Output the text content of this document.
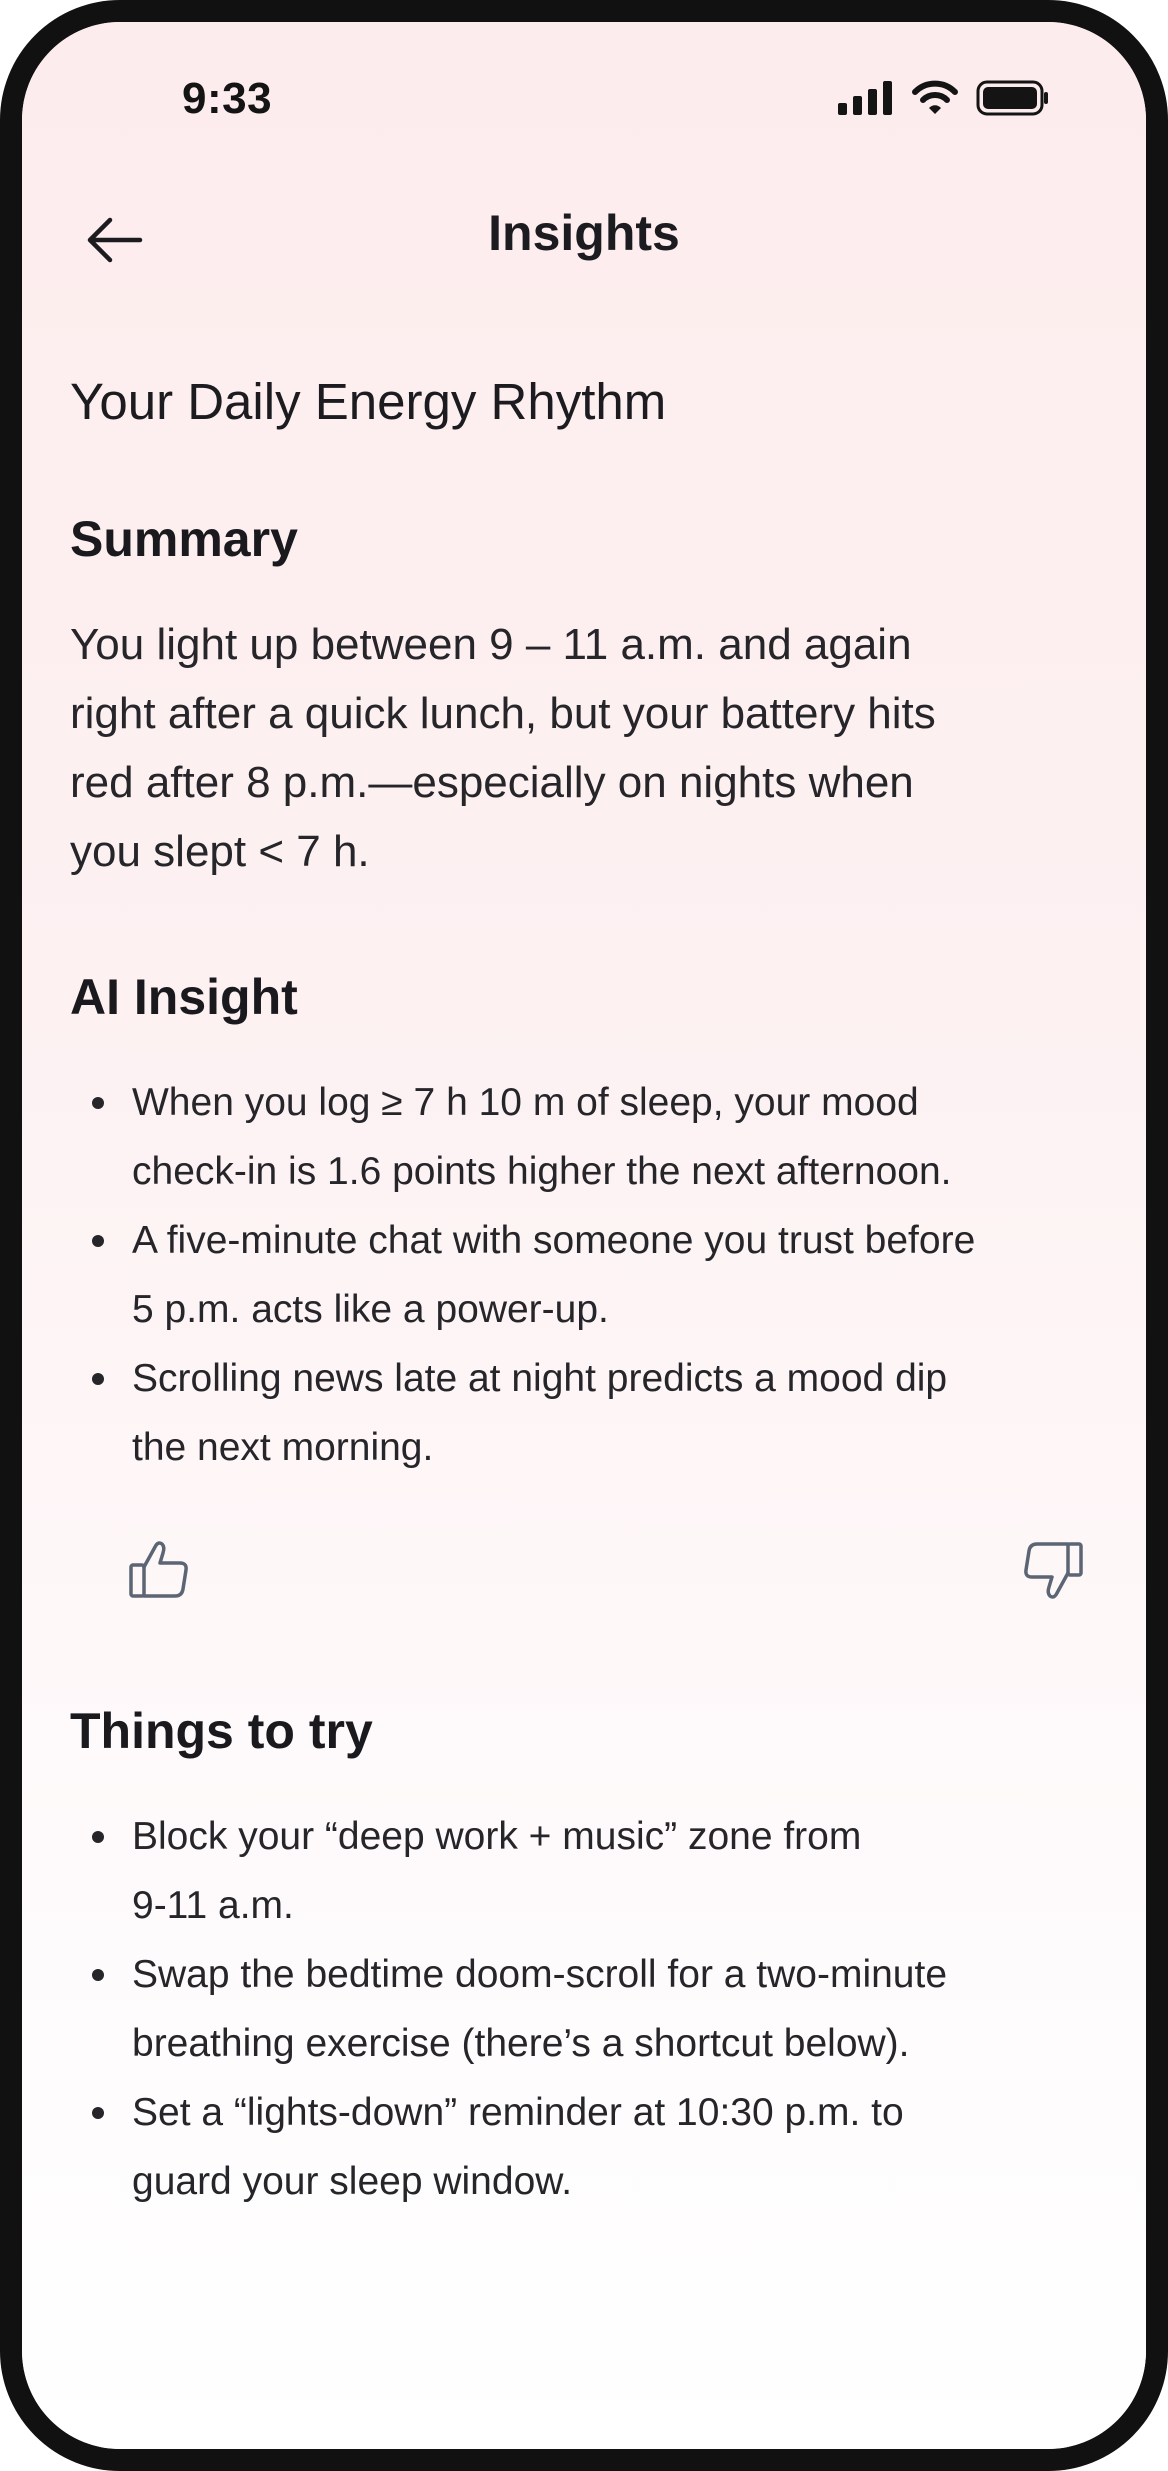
9:33
Insights
Your Daily Energy Rhythm
Summary
You light up between 9 – 11 a.m. and again
right after a quick lunch, but your battery hits
red after 8 p.m.—especially on nights when
you slept < 7 h.
AI Insight
When you log ≥ 7 h 10 m of sleep, your mood
check-in is 1.6 points higher the next afternoon.
A five-minute chat with someone you trust before
5 p.m. acts like a power-up.
Scrolling news late at night predicts a mood dip
the next morning.
Things to try
Block your “deep work + music” zone from
9-11 a.m.
Swap the bedtime doom-scroll for a two-minute
breathing exercise (there’s a shortcut below).
Set a “lights-down” reminder at 10:30 p.m. to
guard your sleep window.
